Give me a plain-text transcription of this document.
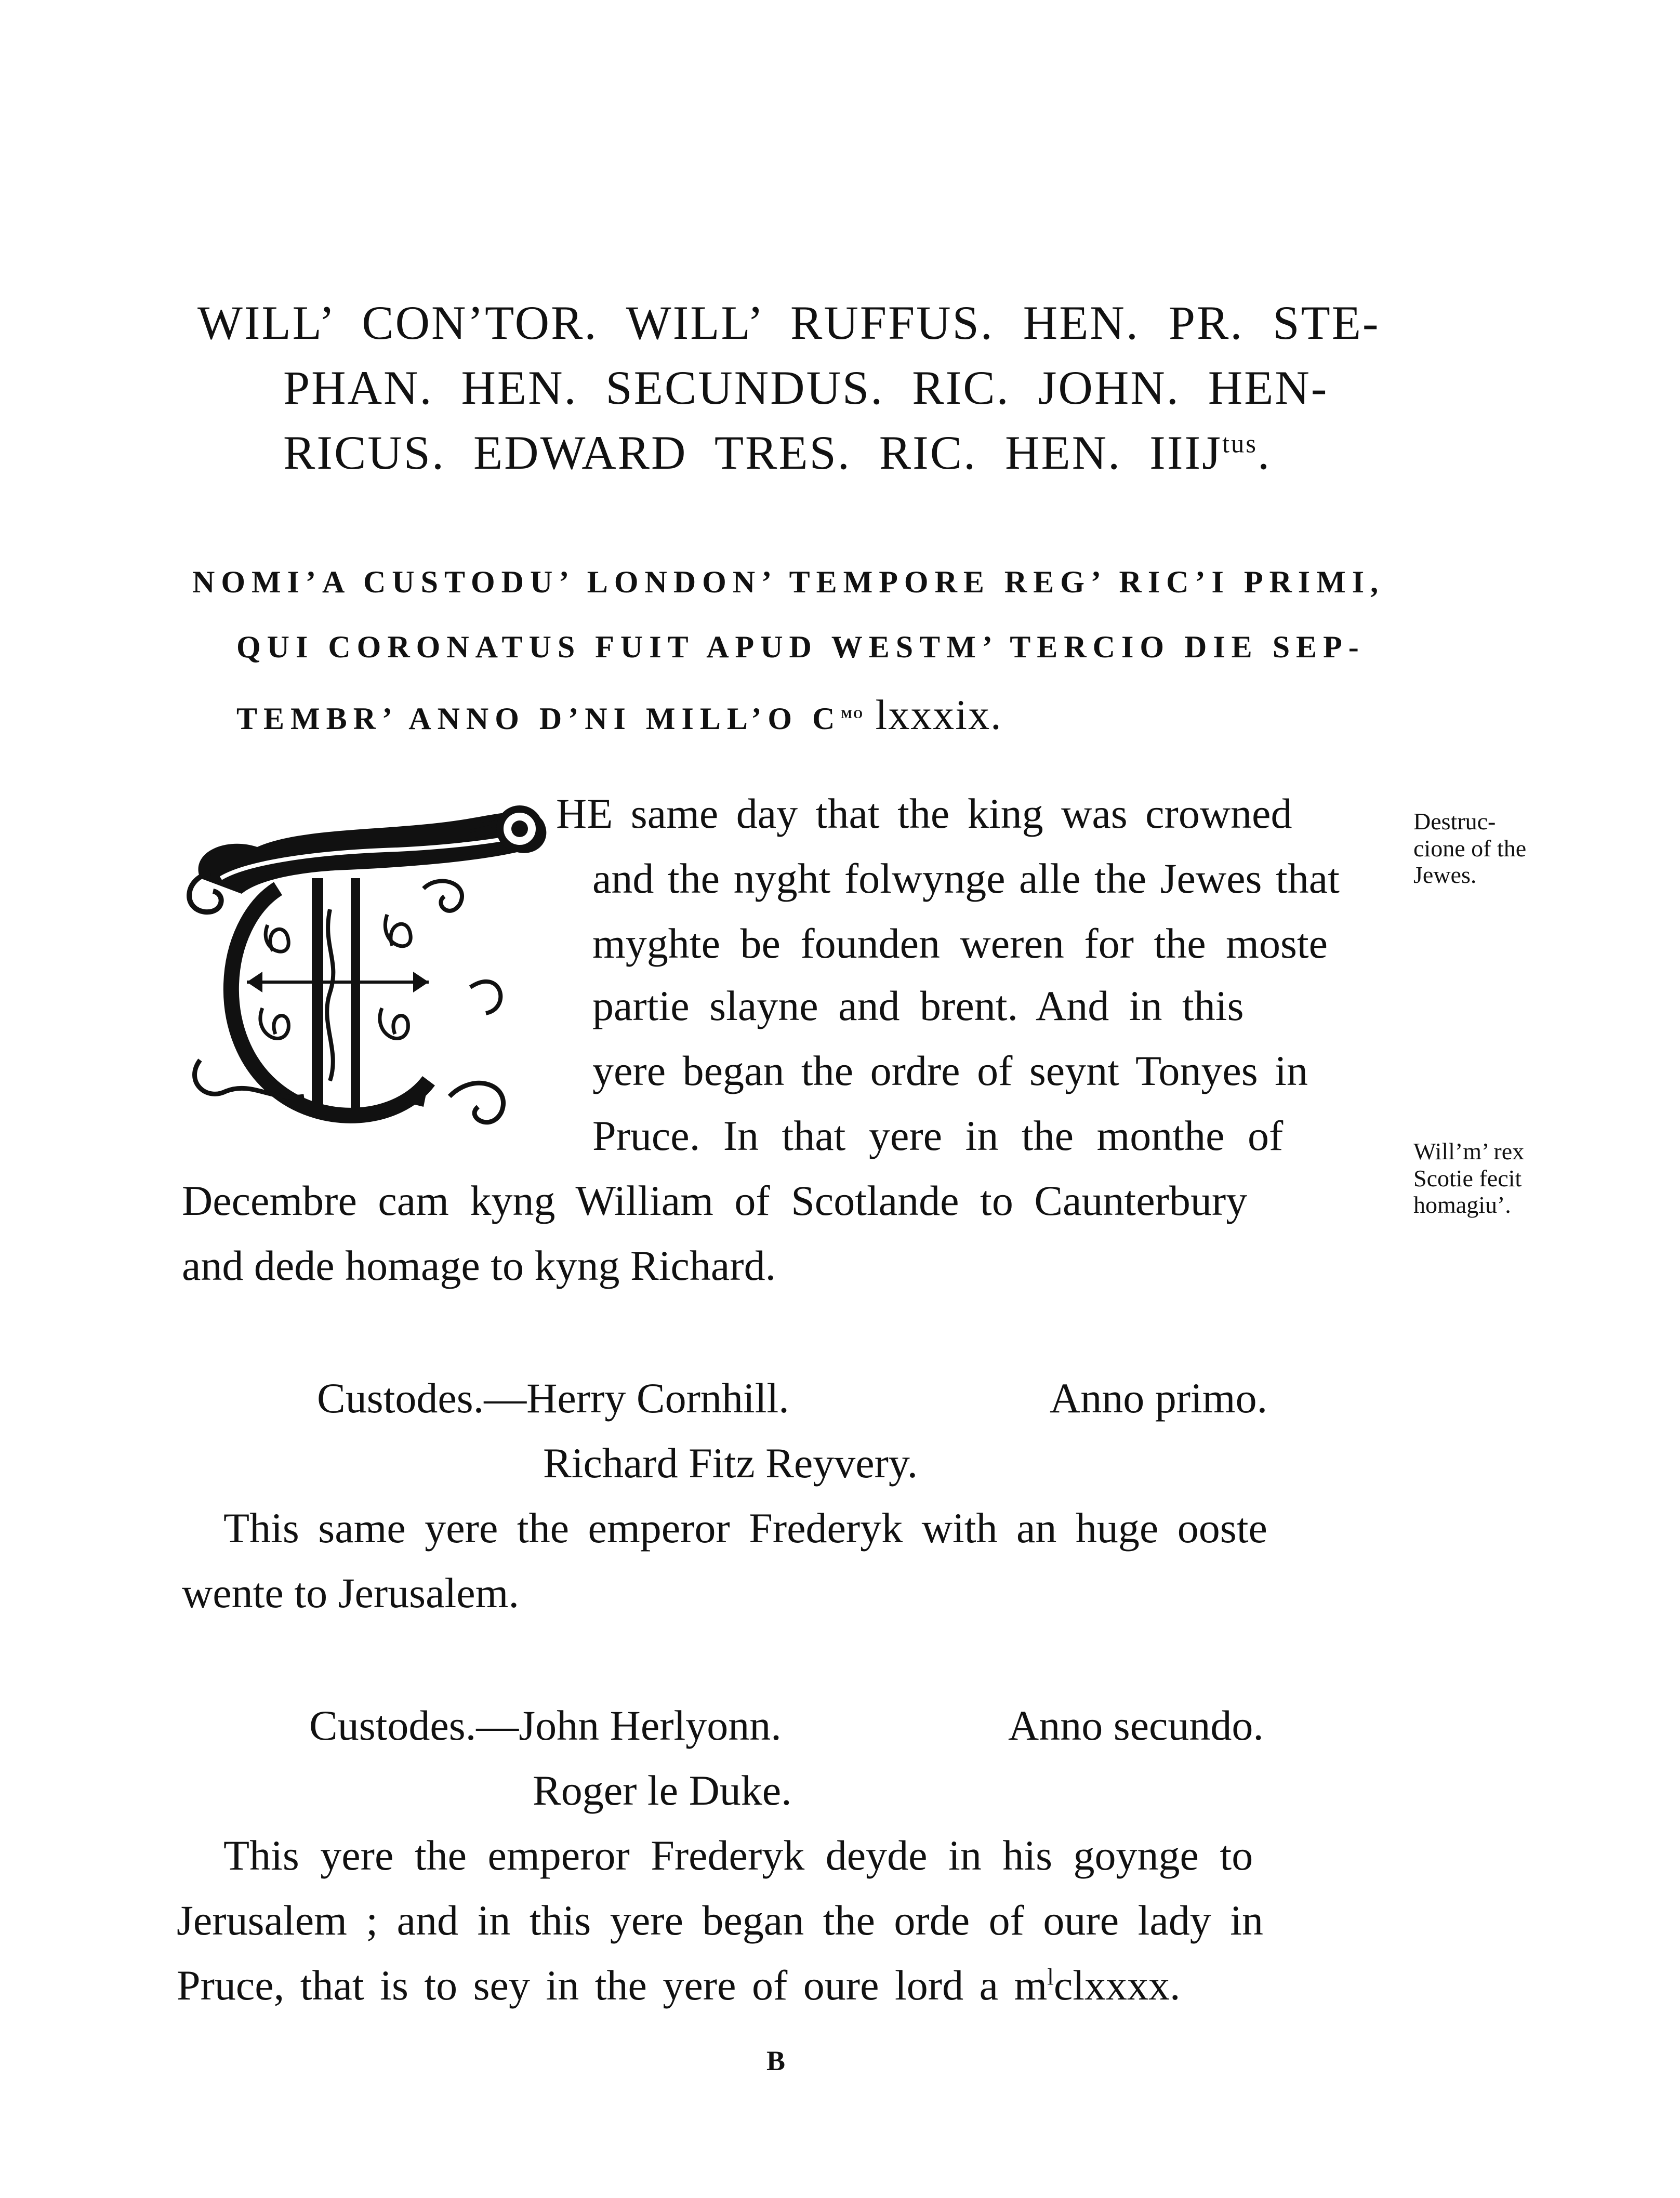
WILL’ CON’TOR. WILL’ RUFFUS. HEN. PR. STE-
PHAN. HEN. SECUNDUS. RIC. JOHN. HEN-
RICUS. EDWARD TRES. RIC. HEN. $IIIJ^{tus}$.
NOMI’A CUSTODU’ LONDON’ TEMPORE REG’ RIC’I PRIMI,
QUI CORONATUS FUIT APUD WESTM’ TERCIO DIE SEP-
TEMBR’ ANNO D’NI MILL’O $C^{mo}$ lxxxix.
HE same day that the king was crowned
and the nyght folwynge alle the Jewes that
myghte be founden weren for the moste
partie slayne and brent. And in this
yere began the ordre of seynt Tonyes in
Pruce. In that yere in the monthe of
Decembre cam kyng William of Scotlande to Caunterbury
and dede homage to kyng Richard.
Destruc-
cione of the
Jewes.
Will’m’ rex
Scotie fecit
homagiu’.
Custodes.—Herry Cornhill.	Anno primo.
Richard Fitz Reyvery.
This same yere the emperor Frederyk with an huge ooste
wente to Jerusalem.
Custodes.—John Herlyonn.	Anno secundo.
Roger le Duke.
This yere the emperor Frederyk deyde in his goynge to
Jerusalem ; and in this yere began the orde of oure lady in
Pruce, that is to sey in the yere of oure lord a $m^lclxxxx$.
B
